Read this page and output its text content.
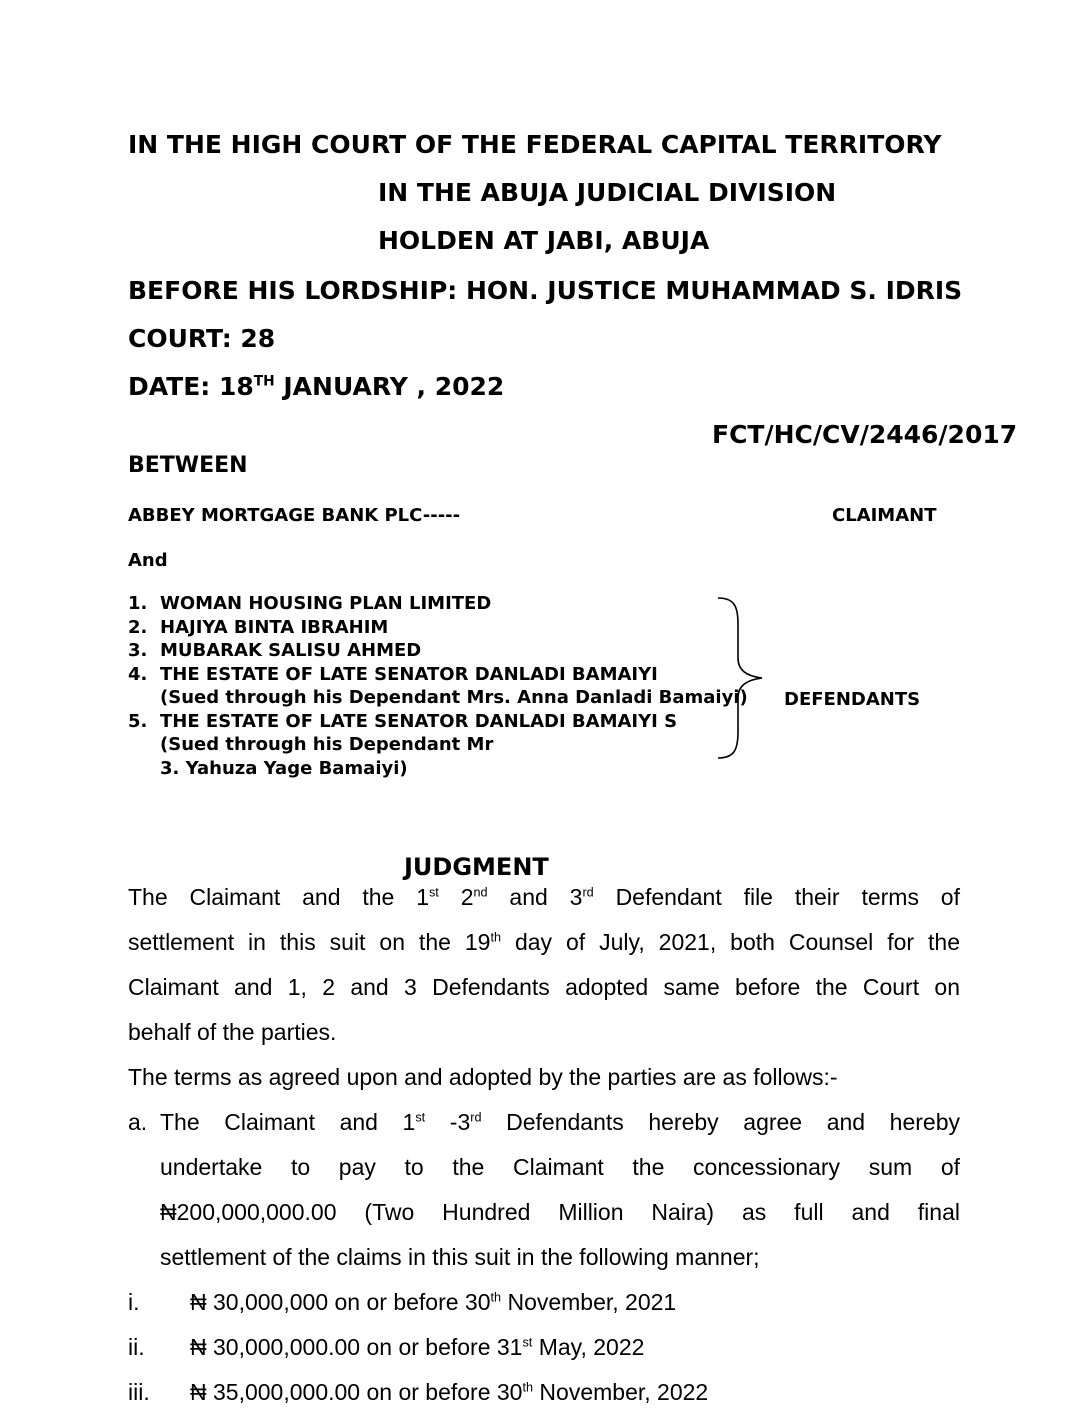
IN THE HIGH COURT OF THE FEDERAL CAPITAL TERRITORY
IN THE ABUJA JUDICIAL DIVISION
HOLDEN AT JABI, ABUJA
BEFORE HIS LORDSHIP: HON. JUSTICE MUHAMMAD S. IDRIS
COURT: 28
DATE: 18TH JANUARY , 2022
FCT/HC/CV/2446/2017
BETWEEN
ABBEY MORTGAGE BANK PLC-----	CLAIMANT
And
1. WOMAN HOUSING PLAN LIMITED
2. HAJIYA BINTA IBRAHIM
3. MUBARAK SALISU AHMED
4. THE ESTATE OF LATE SENATOR DANLADI BAMAIYI
(Sued through his Dependant Mrs. Anna Danladi Bamaiyi)
5. THE ESTATE OF LATE SENATOR DANLADI BAMAIYI S
(Sued through his Dependant Mr
3. Yahuza Yage Bamaiyi)
DEFENDANTS
JUDGMENT
The Claimant and the 1st 2nd and 3rd Defendant file their terms of
settlement in this suit on the 19th day of July, 2021, both Counsel for the
Claimant and 1, 2 and 3 Defendants adopted same before the Court on
behalf of the parties.
The terms as agreed upon and adopted by the parties are as follows:-
a. The Claimant and 1st -3rd Defendants hereby agree and hereby
undertake to pay to the Claimant the concessionary sum of
₦200,000,000.00 (Two Hundred Million Naira) as full and final
settlement of the claims in this suit in the following manner;
i. ₦ 30,000,000 on or before 30th November, 2021
ii. ₦ 30,000,000.00 on or before 31st May, 2022
iii. ₦ 35,000,000.00 on or before 30th November, 2022
